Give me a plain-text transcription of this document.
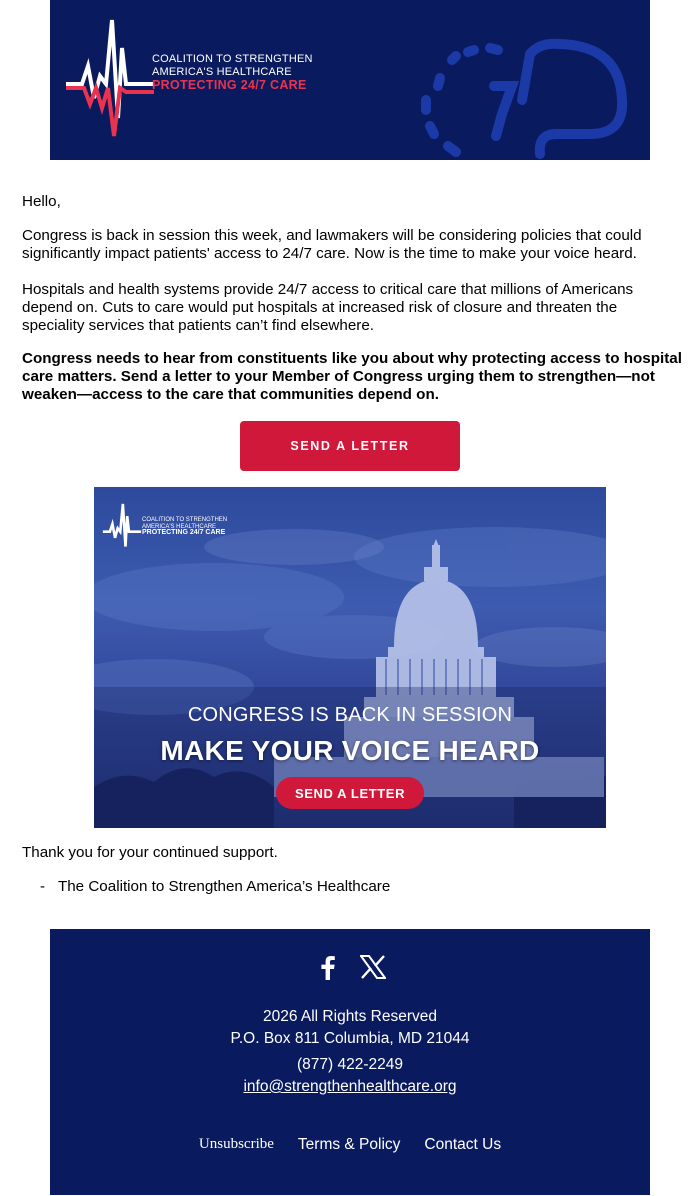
COALITION TO STRENGTHEN
AMERICA'S HEALTHCARE
PROTECTING 24/7 CARE
Hello,
Congress is back in session this week, and lawmakers will be considering policies that could significantly impact patients' access to 24/7 care. Now is the time to make your voice heard.
Hospitals and health systems provide 24/7 access to critical care that millions of Americans depend on. Cuts to care would put hospitals at increased risk of closure and threaten the speciality services that patients can’t find elsewhere.
Congress needs to hear from constituents like you about why protecting access to hospital care matters. Send a letter to your Member of Congress urging them to strengthen—not weaken—access to the care that communities depend on.
SEND A LETTER
COALITION TO STRENGTHEN
AMERICA'S HEALTHCARE
PROTECTING 24/7 CARE
CONGRESS IS BACK IN SESSION
MAKE YOUR VOICE HEARD
SEND A LETTER
Thank you for your continued support.
- The Coalition to Strengthen America’s Healthcare
2026 All Rights Reserved
P.O. Box 811 Columbia, MD 21044
(877) 422-2249
info@strengthenhealthcare.org
Unsubscribe Terms & Policy Contact Us
